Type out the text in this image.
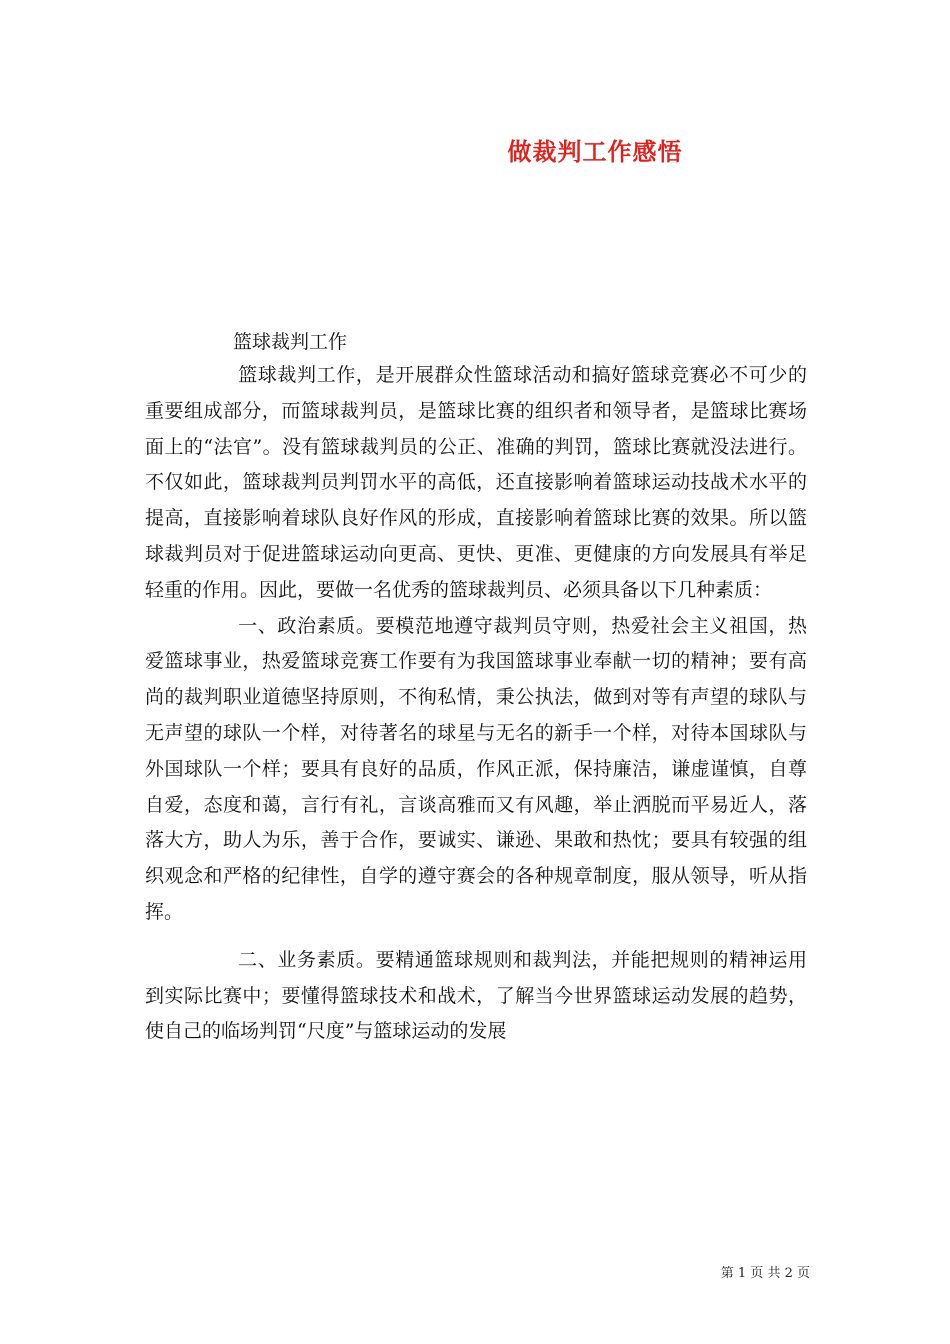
做裁判工作感悟

篮球裁判工作

篮球裁判工作，是开展群众性篮球活动和搞好篮球竞赛必不可少的重要组成部分，而篮球裁判员，是篮球比赛的组织者和领导者，是篮球比赛场面上的“法官”。没有篮球裁判员的公正、准确的判罚，篮球比赛就没法进行。不仅如此，篮球裁判员判罚水平的高低，还直接影响着篮球运动技战术水平的提高，直接影响着球队良好作风的形成，直接影响着篮球比赛的效果。所以篮球裁判员对于促进篮球运动向更高、更快、更准、更健康的方向发展具有举足轻重的作用。因此，要做一名优秀的篮球裁判员、必须具备以下几种素质：

一、政治素质。要模范地遵守裁判员守则，热爱社会主义祖国，热爱篮球事业，热爱篮球竞赛工作要有为我国篮球事业奉献一切的精神；要有高尚的裁判职业道德坚持原则，不徇私情，秉公执法，做到对等有声望的球队与无声望的球队一个样，对待著名的球星与无名的新手一个样，对待本国球队与外国球队一个样；要具有良好的品质，作风正派，保持廉洁，谦虚谨慎，自尊自爱，态度和蔼，言行有礼，言谈高雅而又有风趣，举止洒脱而平易近人，落落大方，助人为乐，善于合作，要诚实、谦逊、果敢和热忱；要具有较强的组织观念和严格的纪律性，自学的遵守赛会的各种规章制度，服从领导，听从指挥。

二、业务素质。要精通篮球规则和裁判法，并能把规则的精神运用到实际比赛中；要懂得篮球技术和战术，了解当今世界篮球运动发展的趋势，使自己的临场判罚“尺度”与篮球运动的发展

第 1 页 共 2 页
